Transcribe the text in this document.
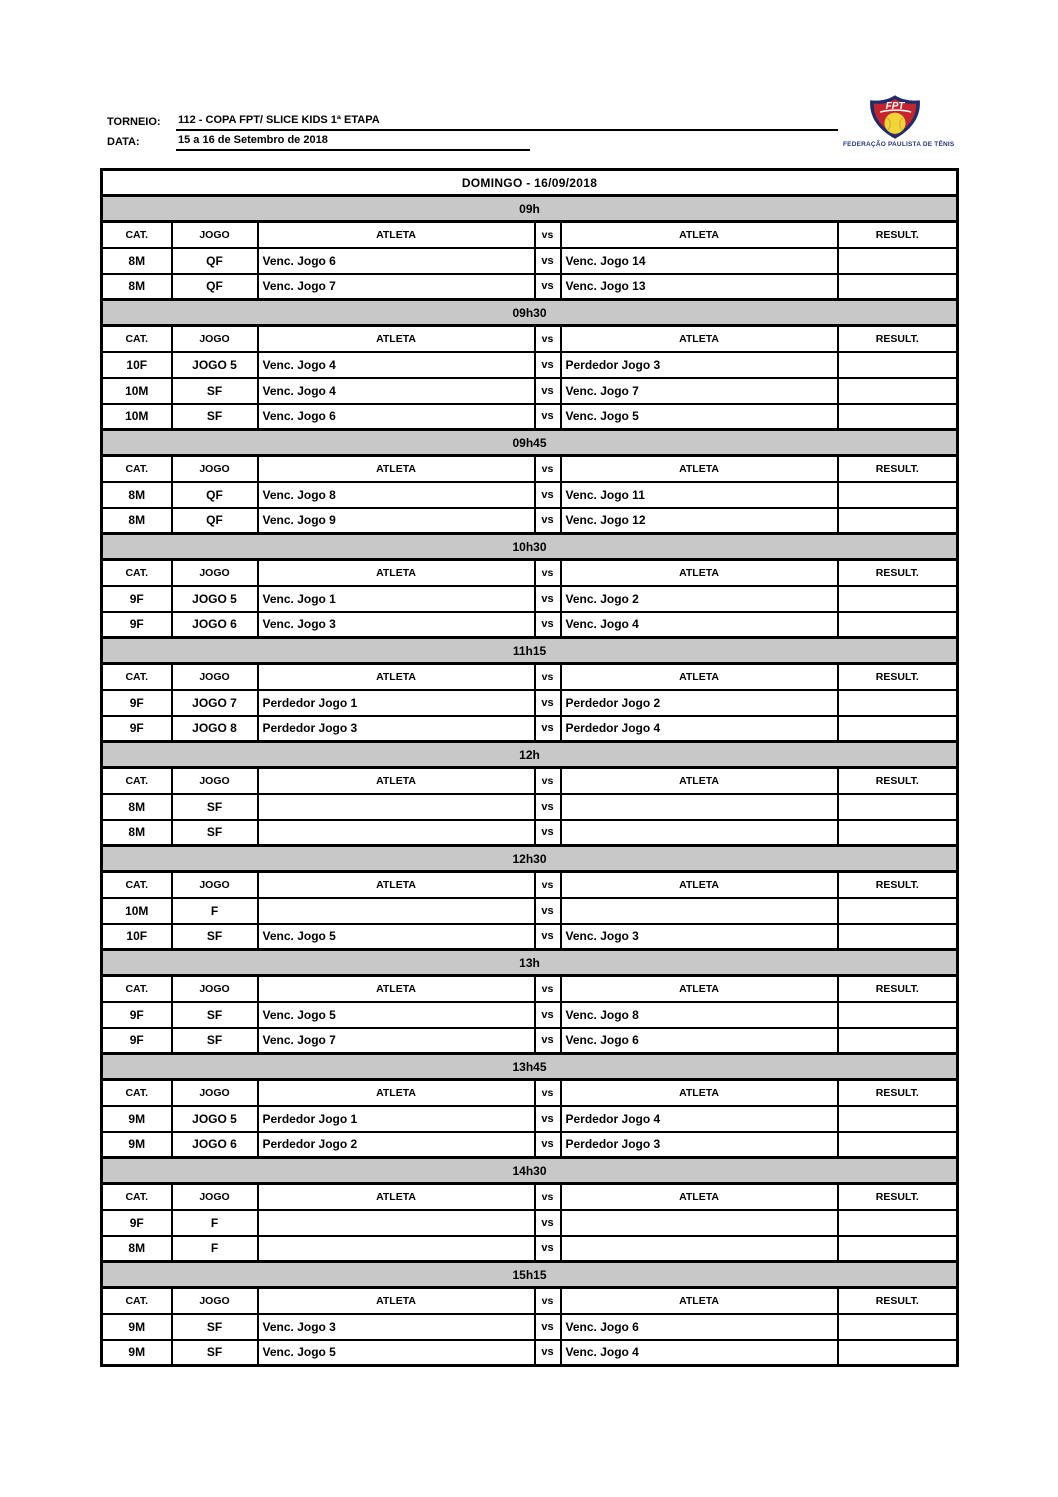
TORNEIO:	112 - COPA FPT/ SLICE KIDS 1ª ETAPA
DATA:	15 a 16 de Setembro de 2018
FPT
FEDERAÇÃO PAULISTA DE TÊNIS
DOMINGO - 16/09/2018					
09h					
CAT.	JOGO	ATLETA	vs	ATLETA	RESULT.
8M	QF	Venc. Jogo 6	vs	Venc. Jogo 14	
8M	QF	Venc. Jogo 7	vs	Venc. Jogo 13	
09h30					
CAT.	JOGO	ATLETA	vs	ATLETA	RESULT.
10F	JOGO 5	Venc. Jogo 4	vs	Perdedor Jogo 3	
10M	SF	Venc. Jogo 4	vs	Venc. Jogo 7	
10M	SF	Venc. Jogo 6	vs	Venc. Jogo 5	
09h45					
CAT.	JOGO	ATLETA	vs	ATLETA	RESULT.
8M	QF	Venc. Jogo 8	vs	Venc. Jogo 11	
8M	QF	Venc. Jogo 9	vs	Venc. Jogo 12	
10h30					
CAT.	JOGO	ATLETA	vs	ATLETA	RESULT.
9F	JOGO 5	Venc. Jogo 1	vs	Venc. Jogo 2	
9F	JOGO 6	Venc. Jogo 3	vs	Venc. Jogo 4	
11h15					
CAT.	JOGO	ATLETA	vs	ATLETA	RESULT.
9F	JOGO 7	Perdedor Jogo 1	vs	Perdedor Jogo 2	
9F	JOGO 8	Perdedor Jogo 3	vs	Perdedor Jogo 4	
12h					
CAT.	JOGO	ATLETA	vs	ATLETA	RESULT.
8M	SF		vs		
8M	SF		vs		
12h30					
CAT.	JOGO	ATLETA	vs	ATLETA	RESULT.
10M	F		vs		
10F	SF	Venc. Jogo 5	vs	Venc. Jogo 3	
13h					
CAT.	JOGO	ATLETA	vs	ATLETA	RESULT.
9F	SF	Venc. Jogo 5	vs	Venc. Jogo 8	
9F	SF	Venc. Jogo 7	vs	Venc. Jogo 6	
13h45					
CAT.	JOGO	ATLETA	vs	ATLETA	RESULT.
9M	JOGO 5	Perdedor Jogo 1	vs	Perdedor Jogo 4	
9M	JOGO 6	Perdedor Jogo 2	vs	Perdedor Jogo 3	
14h30					
CAT.	JOGO	ATLETA	vs	ATLETA	RESULT.
9F	F		vs		
8M	F		vs		
15h15					
CAT.	JOGO	ATLETA	vs	ATLETA	RESULT.
9M	SF	Venc. Jogo 3	vs	Venc. Jogo 6	
9M	SF	Venc. Jogo 5	vs	Venc. Jogo 4	
